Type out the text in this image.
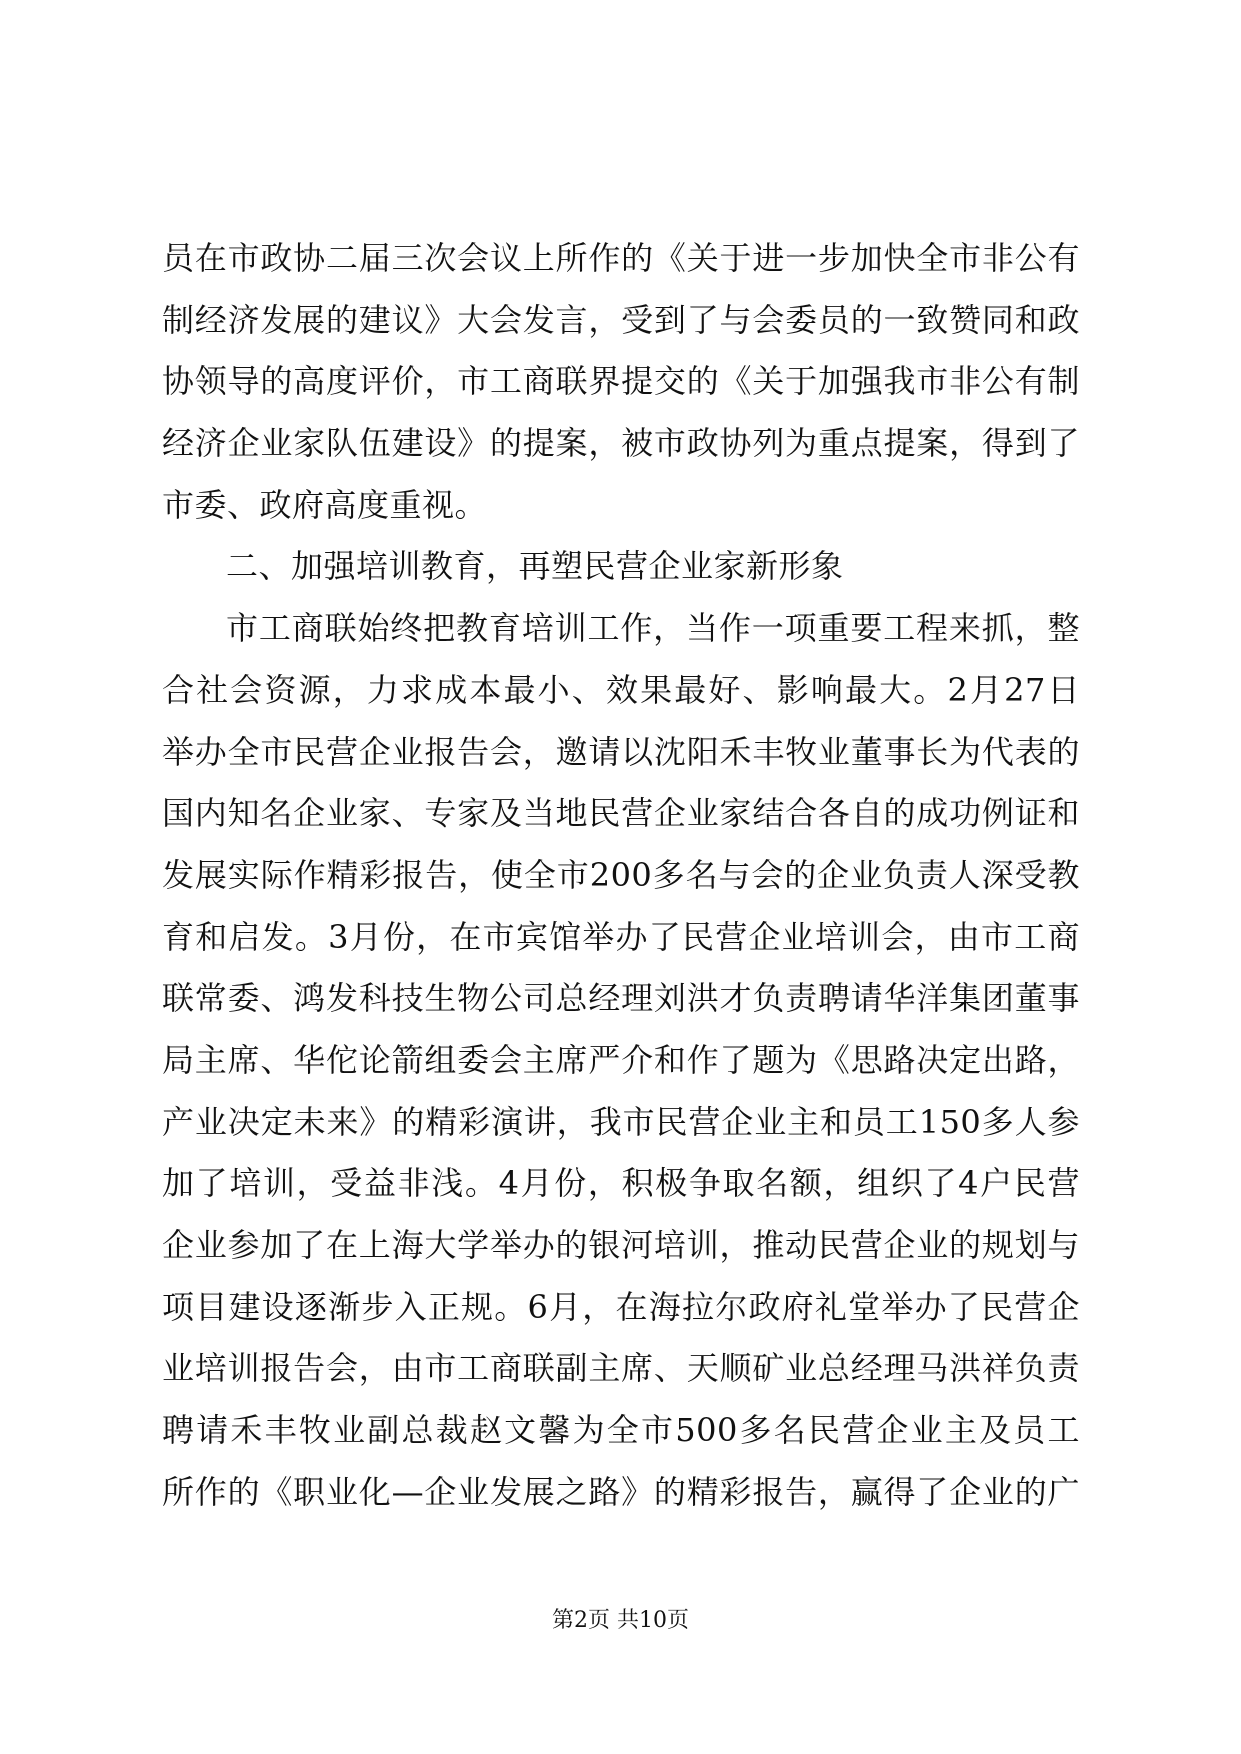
员在市政协二届三次会议上所作的《关于进一步加快全市非公有
制经济发展的建议》大会发言，受到了与会委员的一致赞同和政
协领导的高度评价，市工商联界提交的《关于加强我市非公有制
经济企业家队伍建设》的提案，被市政协列为重点提案，得到了
市委、政府高度重视。
二、加强培训教育，再塑民营企业家新形象
市工商联始终把教育培训工作，当作一项重要工程来抓，整
合社会资源，力求成本最小、效果最好、影响最大。2月27日
举办全市民营企业报告会，邀请以沈阳禾丰牧业董事长为代表的
国内知名企业家、专家及当地民营企业家结合各自的成功例证和
发展实际作精彩报告，使全市200多名与会的企业负责人深受教
育和启发。3月份，在市宾馆举办了民营企业培训会，由市工商
联常委、鸿发科技生物公司总经理刘洪才负责聘请华洋集团董事
局主席、华佗论箭组委会主席严介和作了题为《思路决定出路，
产业决定未来》的精彩演讲，我市民营企业主和员工150多人参
加了培训，受益非浅。4月份，积极争取名额，组织了4户民营
企业参加了在上海大学举办的银河培训，推动民营企业的规划与
项目建设逐渐步入正规。6月，在海拉尔政府礼堂举办了民营企
业培训报告会，由市工商联副主席、天顺矿业总经理马洪祥负责
聘请禾丰牧业副总裁赵文馨为全市500多名民营企业主及员工
所作的《职业化—企业发展之路》的精彩报告，赢得了企业的广
第2页 共10页
